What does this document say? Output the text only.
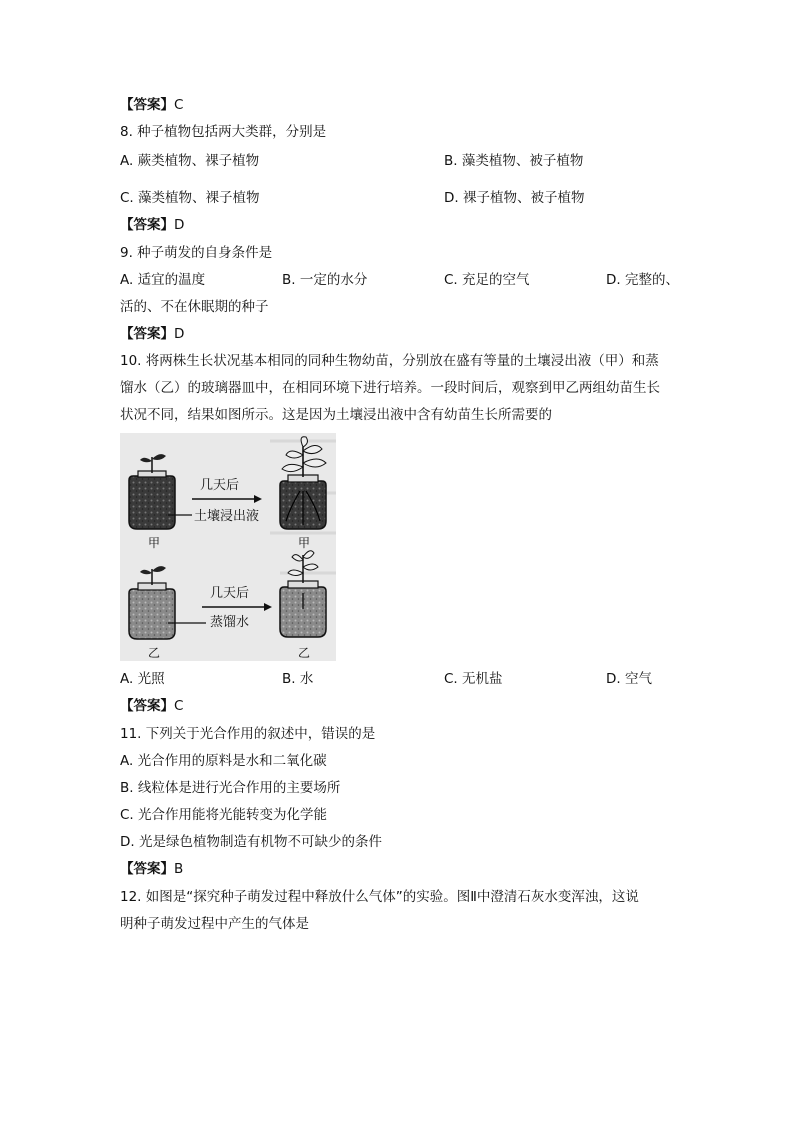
【答案】C
8. 种子植物包括两大类群，分别是
A. 蕨类植物、裸子植物	B. 藻类植物、被子植物
C. 藻类植物、裸子植物	D. 裸子植物、被子植物
【答案】D
9. 种子萌发的自身条件是
A. 适宜的温度	B. 一定的水分	C. 充足的空气	D. 完整的、
活的、不在休眠期的种子
【答案】D
10. 将两株生长状况基本相同的同种生物幼苗，分别放在盛有等量的土壤浸出液（甲）和蒸
馏水（乙）的玻璃器皿中，在相同环境下进行培养。一段时间后，观察到甲乙两组幼苗生长
状况不同，结果如图所示。这是因为土壤浸出液中含有幼苗生长所需要的
甲
几天后
土壤浸出液
甲
乙
几天后
蒸馏水
乙
A. 光照	B. 水	C. 无机盐	D. 空气
【答案】C
11. 下列关于光合作用的叙述中，错误的是
A. 光合作用的原料是水和二氧化碳
B. 线粒体是进行光合作用的主要场所
C. 光合作用能将光能转变为化学能
D. 光是绿色植物制造有机物不可缺少的条件
【答案】B
12. 如图是“探究种子萌发过程中释放什么气体”的实验。图Ⅱ中澄清石灰水变浑浊，这说
明种子萌发过程中产生的气体是
